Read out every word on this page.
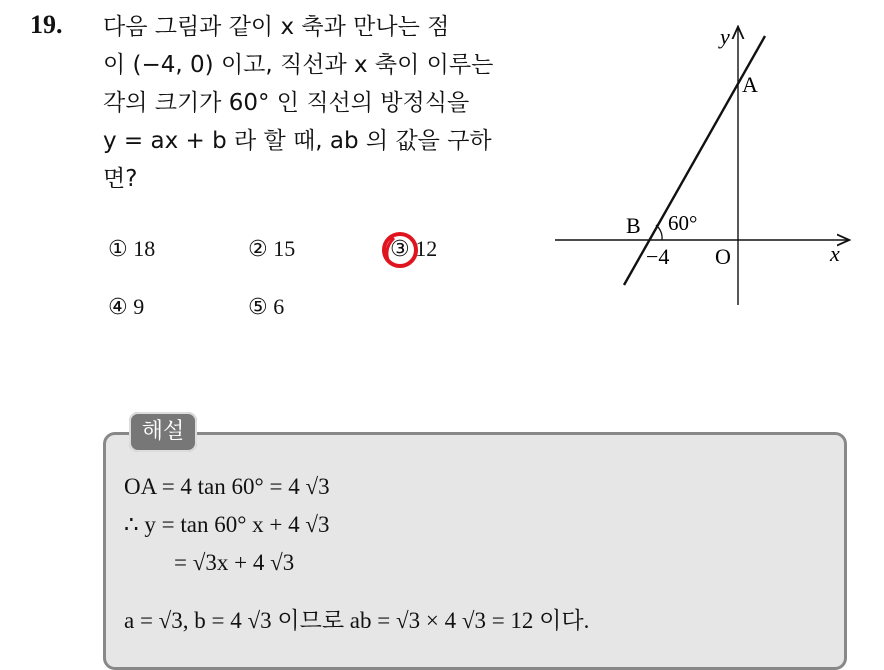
19. 다음 그림과 같이 x 축과 만나는 점
이 (−4, 0) 이고, 직선과 x 축이 이루는
각의 크기가 60° 인 직선의 방정식을
y = ax + b 라 할 때, ab 의 값을 구하
면?
① 18	② 15	③ 12
④ 9	⑤ 6
x
y
O
A
B 60°
−4
해설
OA = 4 tan 60° = 4 √3
∴ y = tan 60° x + 4 √3
= √3x + 4 √3
a = √3, b = 4 √3 이므로 ab = √3 × 4 √3 = 12 이다.
